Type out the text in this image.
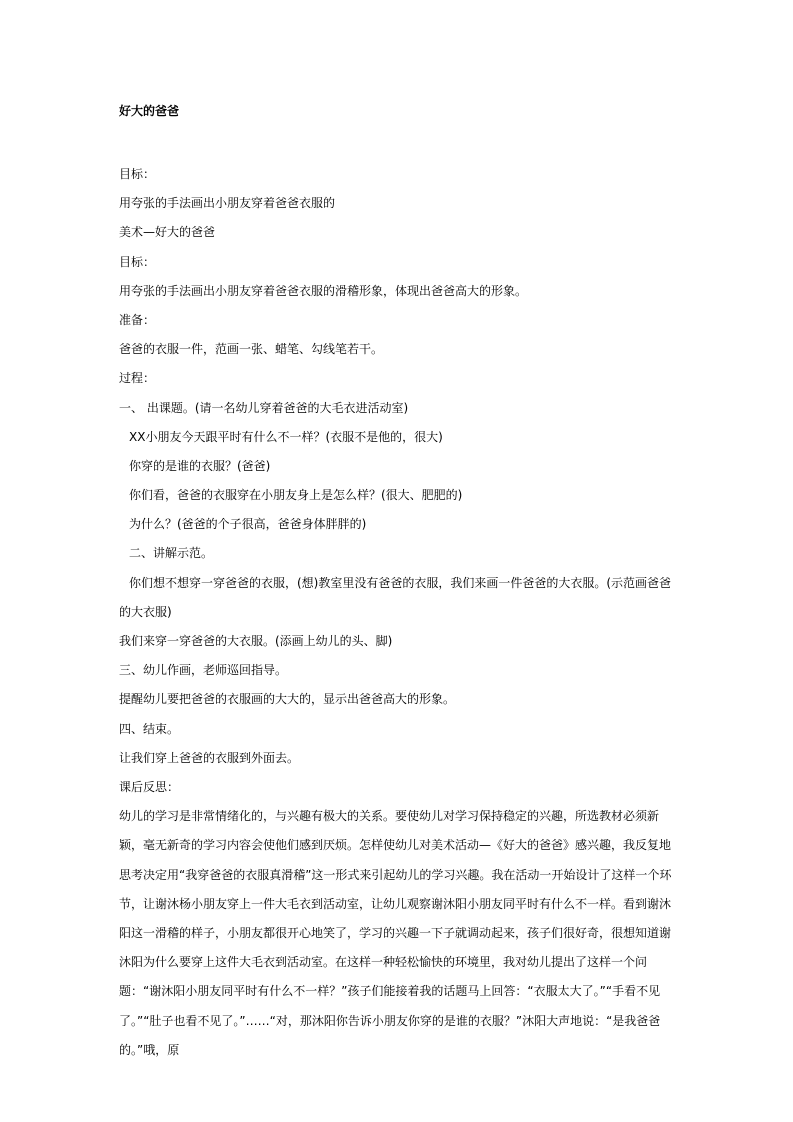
好大的爸爸
目标：
用夸张的手法画出小朋友穿着爸爸衣服的
美术—好大的爸爸
目标：
用夸张的手法画出小朋友穿着爸爸衣服的滑稽形象，体现出爸爸高大的形象。
准备：
爸爸的衣服一件，范画一张、蜡笔、勾线笔若干。
过程：
一、 出课题。(请一名幼儿穿着爸爸的大毛衣进活动室)
XX小朋友今天跟平时有什么不一样？(衣服不是他的，很大)
你穿的是谁的衣服？(爸爸)
你们看，爸爸的衣服穿在小朋友身上是怎么样？(很大、肥肥的)
为什么？(爸爸的个子很高，爸爸身体胖胖的)
二、讲解示范。
你们想不想穿一穿爸爸的衣服，(想)教室里没有爸爸的衣服，我们来画一件爸爸的大衣服。(示范画爸爸
的大衣服)
我们来穿一穿爸爸的大衣服。(添画上幼儿的头、脚)
三、幼儿作画，老师巡回指导。
提醒幼儿要把爸爸的衣服画的大大的，显示出爸爸高大的形象。
四、结束。
让我们穿上爸爸的衣服到外面去。
课后反思：
幼儿的学习是非常情绪化的，与兴趣有极大的关系。要使幼儿对学习保持稳定的兴趣，所选教材必须新颖，毫无新奇的学习内容会使他们感到厌烦。怎样使幼儿对美术活动—《好大的爸爸》感兴趣，我反复地思考决定用“我穿爸爸的衣服真滑稽”这一形式来引起幼儿的学习兴趣。我在活动一开始设计了这样一个环节，让谢沐杨小朋友穿上一件大毛衣到活动室，让幼儿观察谢沐阳小朋友同平时有什么不一样。看到谢沐阳这一滑稽的样子，小朋友都很开心地笑了，学习的兴趣一下子就调动起来，孩子们很好奇，很想知道谢沐阳为什么要穿上这件大毛衣到活动室。在这样一种轻松愉快的环境里，我对幼儿提出了这样一个问题：“谢沐阳小朋友同平时有什么不一样？”孩子们能接着我的话题马上回答：“衣服太大了。”“手看不见了。”“肚子也看不见了。”……“对，那沐阳你告诉小朋友你穿的是谁的衣服？”沐阳大声地说：“是我爸爸的。”哦，原
